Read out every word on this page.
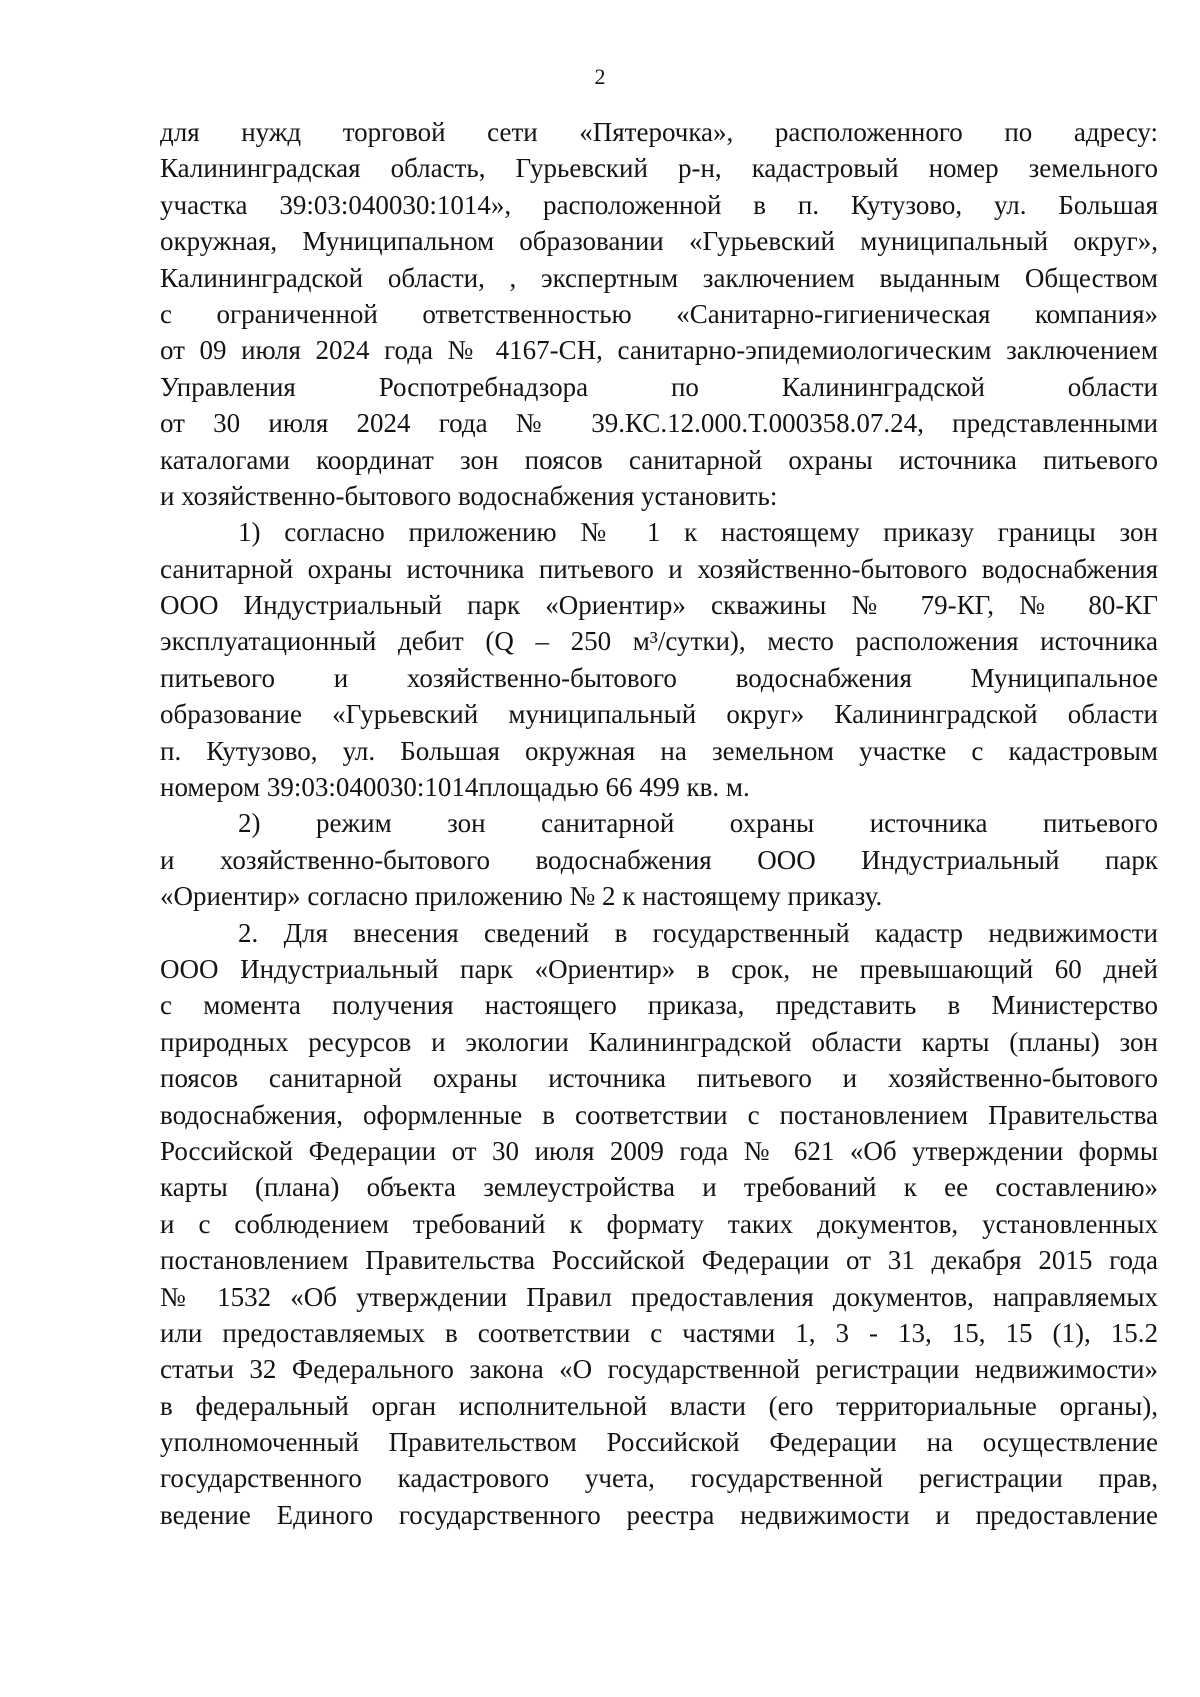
2
для нужд торговой сети «Пятерочка», расположенного по адресу:
Калининградская область, Гурьевский р-н, кадастровый номер земельного
участка 39:03:040030:1014», расположенной в п. Кутузово, ул. Большая
окружная, Муниципальном образовании «Гурьевский муниципальный округ»,
Калининградской области, , экспертным заключением выданным Обществом
с ограниченной ответственностью «Санитарно-гигиеническая компания»
от 09 июля 2024 года № 4167-СН, санитарно-эпидемиологическим заключением
Управления Роспотребнадзора по Калининградской области
от 30 июля 2024 года № 39.КС.12.000.Т.000358.07.24, представленными
каталогами координат зон поясов санитарной охраны источника питьевого
и хозяйственно-бытового водоснабжения установить:
1) согласно приложению № 1 к настоящему приказу границы зон
санитарной охраны источника питьевого и хозяйственно-бытового водоснабжения
ООО Индустриальный парк «Ориентир» скважины № 79-КГ, № 80-КГ
эксплуатационный дебит (Q – 250 м³/сутки), место расположения источника
питьевого и хозяйственно-бытового водоснабжения Муниципальное
образование «Гурьевский муниципальный округ» Калининградской области
п. Кутузово, ул. Большая окружная на земельном участке с кадастровым
номером 39:03:040030:1014площадью 66 499 кв. м.
2) режим зон санитарной охраны источника питьевого
и хозяйственно-бытового водоснабжения ООО Индустриальный парк
«Ориентир» согласно приложению № 2 к настоящему приказу.
2. Для внесения сведений в государственный кадастр недвижимости
ООО Индустриальный парк «Ориентир» в срок, не превышающий 60 дней
с момента получения настоящего приказа, представить в Министерство
природных ресурсов и экологии Калининградской области карты (планы) зон
поясов санитарной охраны источника питьевого и хозяйственно-бытового
водоснабжения, оформленные в соответствии с постановлением Правительства
Российской Федерации от 30 июля 2009 года № 621 «Об утверждении формы
карты (плана) объекта землеустройства и требований к ее составлению»
и с соблюдением требований к формату таких документов, установленных
постановлением Правительства Российской Федерации от 31 декабря 2015 года
№ 1532 «Об утверждении Правил предоставления документов, направляемых
или предоставляемых в соответствии с частями 1, 3 - 13, 15, 15 (1), 15.2
статьи 32 Федерального закона «О государственной регистрации недвижимости»
в федеральный орган исполнительной власти (его территориальные органы),
уполномоченный Правительством Российской Федерации на осуществление
государственного кадастрового учета, государственной регистрации прав,
ведение Единого государственного реестра недвижимости и предоставление
